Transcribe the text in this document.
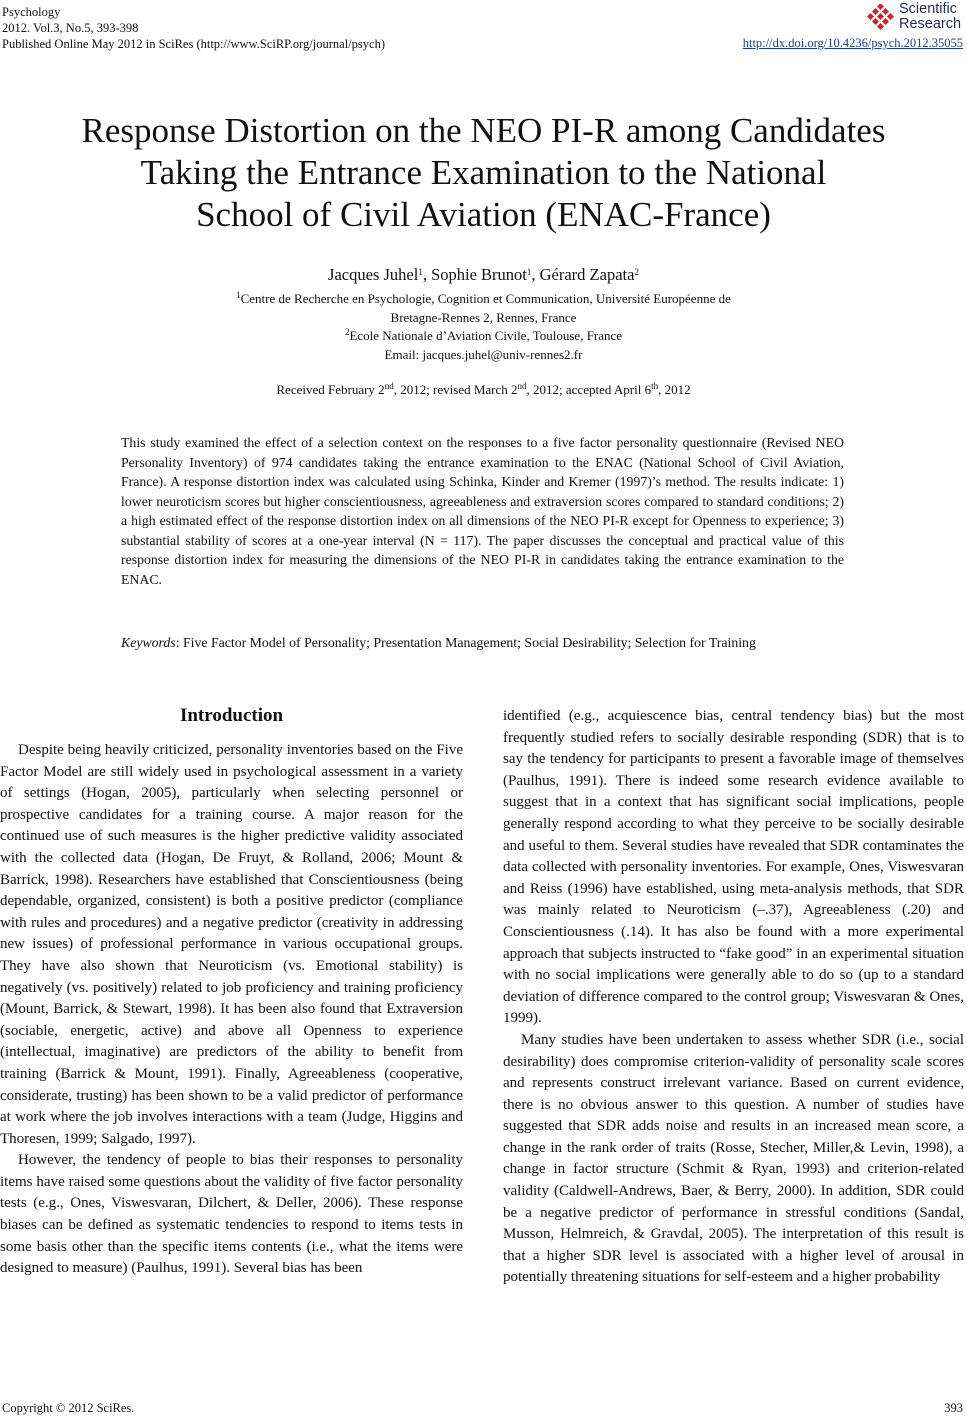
Psychology
2012. Vol.3, No.5, 393-398
Published Online May 2012 in SciRes (http://www.SciRP.org/journal/psych)	http://dx.doi.org/10.4236/psych.2012.35055
Scientific
Research
Response Distortion on the NEO PI-R among Candidates
Taking the Entrance Examination to the National
School of Civil Aviation (ENAC-France)
Jacques Juhel$^1$, Sophie Brunot$^1$, Gérard Zapata$^2$
$^1$Centre de Recherche en Psychologie, Cognition et Communication, Université Européenne de
Bretagne-Rennes 2, Rennes, France
$^2$Ecole Nationale d’Aviation Civile, Toulouse, France
Email: jacques.juhel@univ-rennes2.fr
Received February 2nd, 2012; revised March 2nd, 2012; accepted April 6th, 2012
This study examined the effect of a selection context on the responses to a five factor personality questionnaire (Revised NEO Personality Inventory) of 974 candidates taking the entrance examination to the ENAC (National School of Civil Aviation, France). A response distortion index was calculated using Schinka, Kinder and Kremer (1997)’s method. The results indicate: 1) lower neuroticism scores but higher conscientiousness, agreeableness and extraversion scores compared to standard conditions; 2) a high estimated effect of the response distortion index on all dimensions of the NEO PI-R except for Openness to experience; 3) substantial stability of scores at a one-year interval (N = 117). The paper discusses the conceptual and practical value of this response distortion index for measuring the dimensions of the NEO PI-R in candidates taking the entrance examination to the ENAC.
Keywords: Five Factor Model of Personality; Presentation Management; Social Desirability; Selection for Training
Introduction

Despite being heavily criticized, personality inventories based on the Five Factor Model are still widely used in psychological assessment in a variety of settings (Hogan, 2005), particularly when selecting personnel or prospective candidates for a training course. A major reason for the continued use of such measures is the higher predictive validity associated with the collected data (Hogan, De Fruyt, & Rolland, 2006; Mount & Barrick, 1998). Researchers have established that Conscientiousness (being dependable, organized, consistent) is both a positive predictor (compliance with rules and procedures) and a negative predictor (creativity in addressing new issues) of professional performance in various occupational groups. They have also shown that Neuroticism (vs. Emotional stability) is negatively (vs. positively) related to job proficiency and training proficiency (Mount, Barrick, & Stewart, 1998). It has been also found that Extraversion (sociable, energetic, active) and above all Openness to experience (intellectual, imaginative) are predictors of the ability to benefit from training (Barrick & Mount, 1991). Finally, Agreeableness (cooperative, considerate, trusting) has been shown to be a valid predictor of performance at work where the job involves interactions with a team (Judge, Higgins and Thoresen, 1999; Salgado, 1997).

However, the tendency of people to bias their responses to personality items have raised some questions about the validity of five factor personality tests (e.g., Ones, Viswesvaran, Dilchert, & Deller, 2006). These response biases can be defined as systematic tendencies to respond to items tests in some basis other than the specific items contents (i.e., what the items were designed to measure) (Paulhus, 1991). Several bias has been

identified (e.g., acquiescence bias, central tendency bias) but the most frequently studied refers to socially desirable responding (SDR) that is to say the tendency for participants to present a favorable image of themselves (Paulhus, 1991). There is indeed some research evidence available to suggest that in a context that has significant social implications, people generally respond according to what they perceive to be socially desirable and useful to them. Several studies have revealed that SDR contaminates the data collected with personality inventories. For example, Ones, Viswesvaran and Reiss (1996) have established, using meta-analysis methods, that SDR was mainly related to Neuroticism (–.37), Agreeableness (.20) and Conscientiousness (.14). It has also be found with a more experimental approach that subjects instructed to “fake good” in an experimental situation with no social implications were generally able to do so (up to a standard deviation of difference compared to the control group; Viswesvaran & Ones, 1999).

Many studies have been undertaken to assess whether SDR (i.e., social desirability) does compromise criterion-validity of personality scale scores and represents construct irrelevant variance. Based on current evidence, there is no obvious answer to this question. A number of studies have suggested that SDR adds noise and results in an increased mean score, a change in the rank order of traits (Rosse, Stecher, Miller,& Levin, 1998), a change in factor structure (Schmit & Ryan, 1993) and criterion-related validity (Caldwell-Andrews, Baer, & Berry, 2000). In addition, SDR could be a negative predictor of performance in stressful conditions (Sandal, Musson, Helmreich, & Gravdal, 2005). The interpretation of this result is that a higher SDR level is associated with a higher level of arousal in potentially threatening situations for self-esteem and a higher probability

Copyright © 2012 SciRes.	393
